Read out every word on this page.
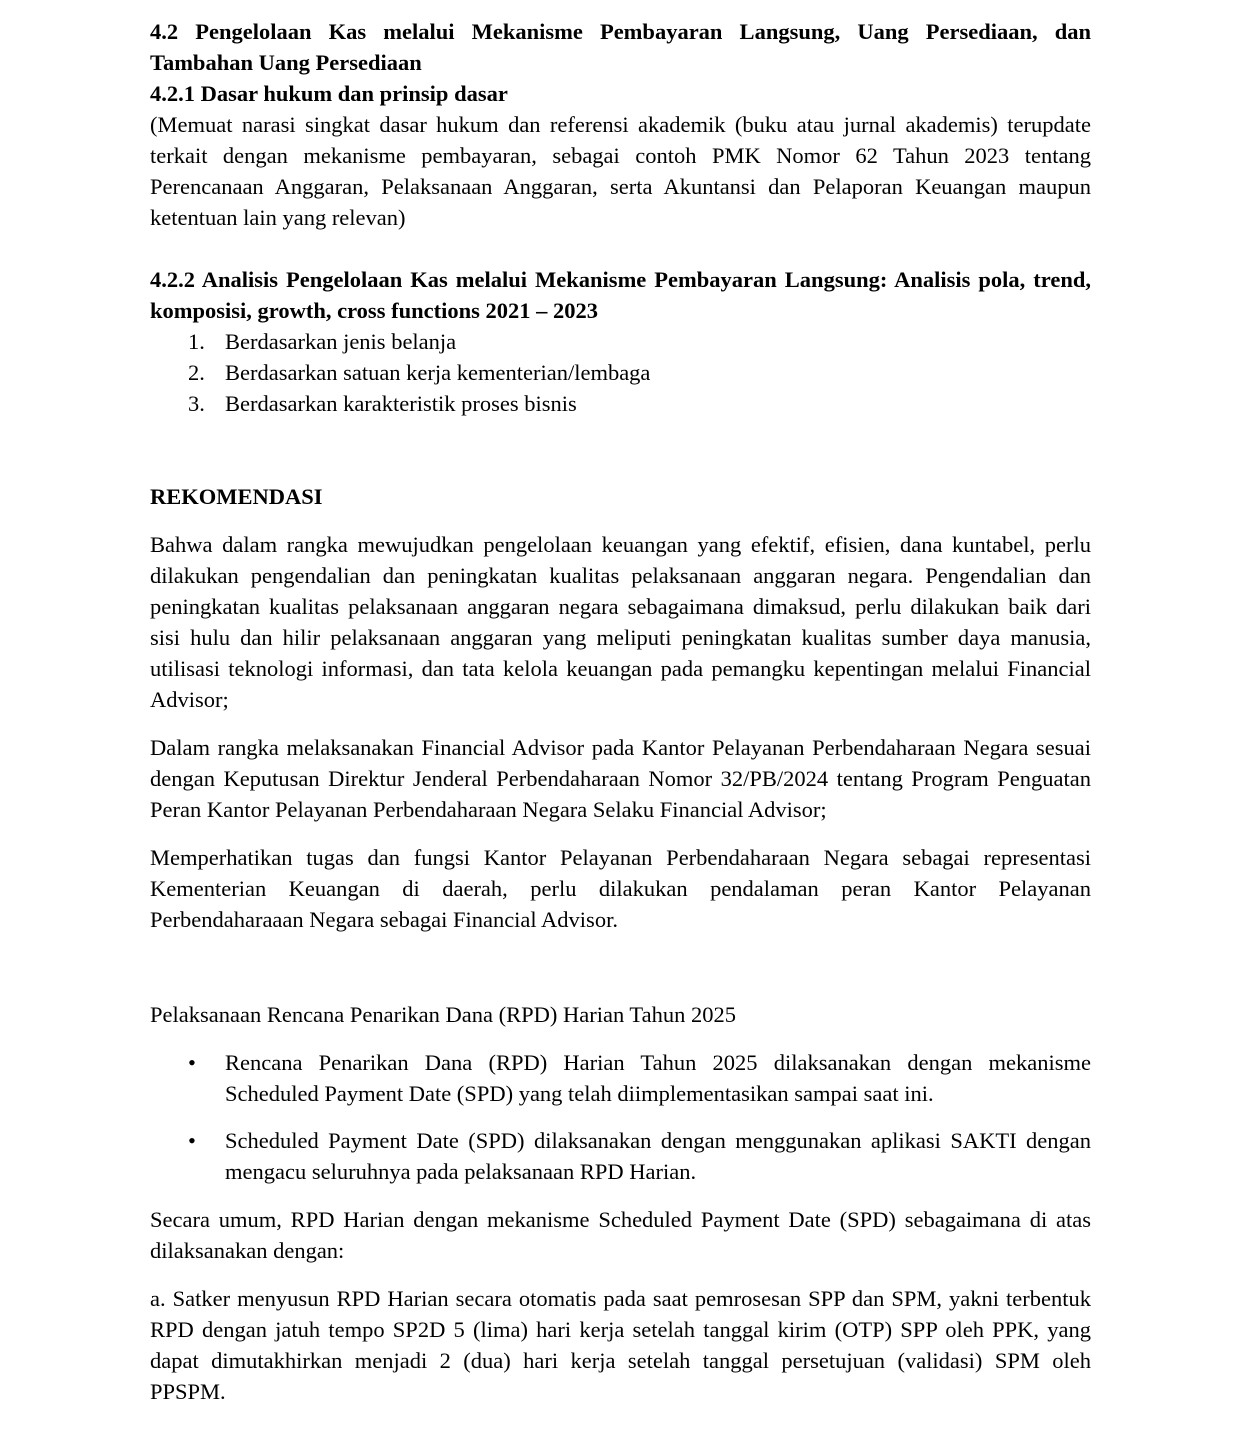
4.2 Pengelolaan Kas melalui Mekanisme Pembayaran Langsung, Uang Persediaan, dan Tambahan Uang Persediaan

4.2.1 Dasar hukum dan prinsip dasar

(Memuat narasi singkat dasar hukum dan referensi akademik (buku atau jurnal akademis) terupdate terkait dengan mekanisme pembayaran, sebagai contoh PMK Nomor 62 Tahun 2023 tentang Perencanaan Anggaran, Pelaksanaan Anggaran, serta Akuntansi dan Pelaporan Keuangan maupun ketentuan lain yang relevan)

4.2.2 Analisis Pengelolaan Kas melalui Mekanisme Pembayaran Langsung: Analisis pola, trend, komposisi, growth, cross functions 2021 – 2023

1. Berdasarkan jenis belanja
2. Berdasarkan satuan kerja kementerian/lembaga
3. Berdasarkan karakteristik proses bisnis

REKOMENDASI

Bahwa dalam rangka mewujudkan pengelolaan keuangan yang efektif, efisien, dana kuntabel, perlu dilakukan pengendalian dan peningkatan kualitas pelaksanaan anggaran negara. Pengendalian dan peningkatan kualitas pelaksanaan anggaran negara sebagaimana dimaksud, perlu dilakukan baik dari sisi hulu dan hilir pelaksanaan anggaran yang meliputi peningkatan kualitas sumber daya manusia, utilisasi teknologi informasi, dan tata kelola keuangan pada pemangku kepentingan melalui Financial Advisor;

Dalam rangka melaksanakan Financial Advisor pada Kantor Pelayanan Perbendaharaan Negara sesuai dengan Keputusan Direktur Jenderal Perbendaharaan Nomor 32/PB/2024 tentang Program Penguatan Peran Kantor Pelayanan Perbendaharaan Negara Selaku Financial Advisor;

Memperhatikan tugas dan fungsi Kantor Pelayanan Perbendaharaan Negara sebagai representasi Kementerian Keuangan di daerah, perlu dilakukan pendalaman peran Kantor Pelayanan Perbendaharaaan Negara sebagai Financial Advisor.

Pelaksanaan Rencana Penarikan Dana (RPD) Harian Tahun 2025

• Rencana Penarikan Dana (RPD) Harian Tahun 2025 dilaksanakan dengan mekanisme Scheduled Payment Date (SPD) yang telah diimplementasikan sampai saat ini.
• Scheduled Payment Date (SPD) dilaksanakan dengan menggunakan aplikasi SAKTI dengan mengacu seluruhnya pada pelaksanaan RPD Harian.

Secara umum, RPD Harian dengan mekanisme Scheduled Payment Date (SPD) sebagaimana di atas dilaksanakan dengan:

a. Satker menyusun RPD Harian secara otomatis pada saat pemrosesan SPP dan SPM, yakni terbentuk RPD dengan jatuh tempo SP2D 5 (lima) hari kerja setelah tanggal kirim (OTP) SPP oleh PPK, yang dapat dimutakhirkan menjadi 2 (dua) hari kerja setelah tanggal persetujuan (validasi) SPM oleh PPSPM.
